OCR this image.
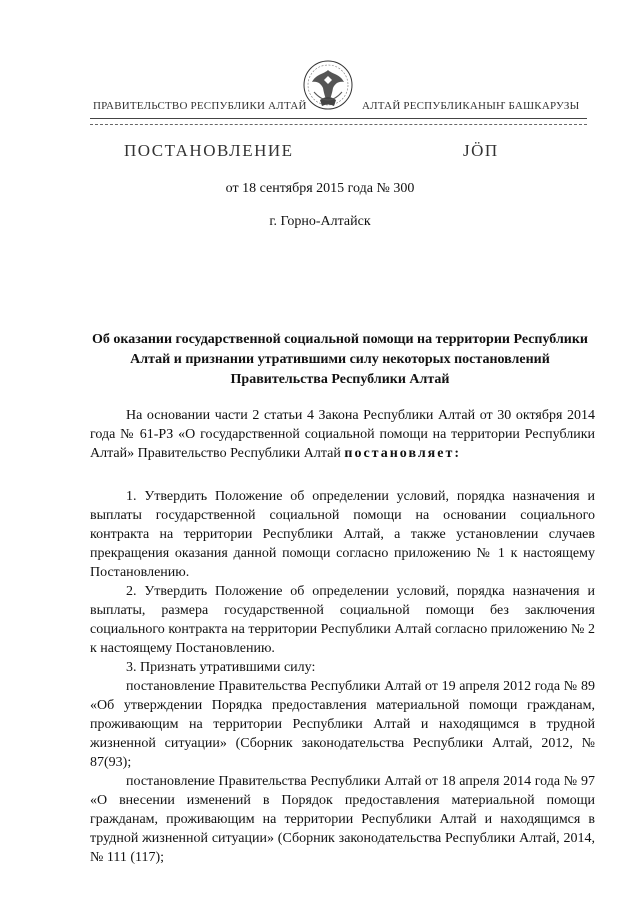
ПРАВИТЕЛЬСТВО РЕСПУБЛИКИ АЛТАЙ	АЛТАЙ РЕСПУБЛИКАНЫҤ БАШКАРУЗЫ
ПОСТАНОВЛЕНИЕ	JÖП
от 18 сентября 2015 года № 300
г. Горно-Алтайск
Об оказании государственной социальной помощи на территории Республики Алтай и признании утратившими силу некоторых постановлений Правительства Республики Алтай

На основании части 2 статьи 4 Закона Республики Алтай от 30 октября 2014 года № 61-РЗ «О государственной социальной помощи на территории Республики Алтай» Правительство Республики Алтай постановляет:

1. Утвердить Положение об определении условий, порядка назначения и выплаты государственной социальной помощи на основании социального контракта на территории Республики Алтай, а также установлении случаев прекращения оказания данной помощи согласно приложению № 1 к настоящему Постановлению.

2. Утвердить Положение об определении условий, порядка назначения и выплаты, размера государственной социальной помощи без заключения социального контракта на территории Республики Алтай согласно приложению № 2 к настоящему Постановлению.

3. Признать утратившими силу:

постановление Правительства Республики Алтай от 19 апреля 2012 года № 89 «Об утверждении Порядка предоставления материальной помощи гражданам, проживающим на территории Республики Алтай и находящимся в трудной жизненной ситуации» (Сборник законодательства Республики Алтай, 2012, № 87(93);

постановление Правительства Республики Алтай от 18 апреля 2014 года № 97 «О внесении изменений в Порядок предоставления материальной помощи гражданам, проживающим на территории Республики Алтай и находящимся в трудной жизненной ситуации» (Сборник законодательства Республики Алтай, 2014, № 111 (117);
